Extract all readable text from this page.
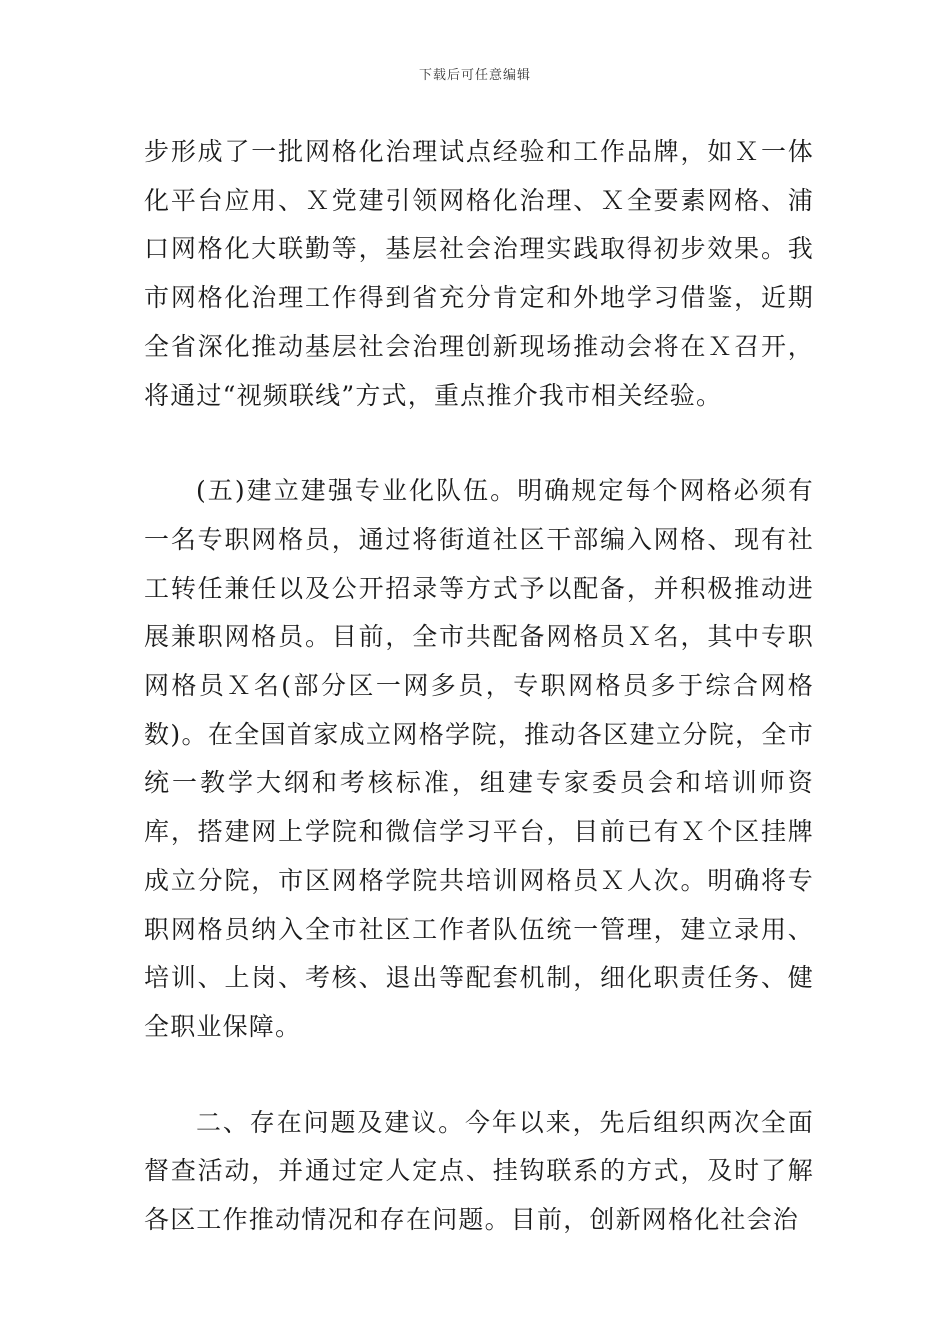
下载后可任意编辑

步形成了一批网格化治理试点经验和工作品牌，如Ｘ一体化平台应用、Ｘ党建引领网格化治理、Ｘ全要素网格、浦口网格化大联勤等，基层社会治理实践取得初步效果。我市网格化治理工作得到省充分肯定和外地学习借鉴，近期全省深化推动基层社会治理创新现场推动会将在Ｘ召开，将通过“视频联线”方式，重点推介我市相关经验。

(五)建立建强专业化队伍。明确规定每个网格必须有一名专职网格员，通过将街道社区干部编入网格、现有社工转任兼任以及公开招录等方式予以配备，并积极推动进展兼职网格员。目前，全市共配备网格员Ｘ名，其中专职网格员Ｘ名(部分区一网多员，专职网格员多于综合网格数)。在全国首家成立网格学院，推动各区建立分院，全市统一教学大纲和考核标准，组建专家委员会和培训师资库，搭建网上学院和微信学习平台，目前已有Ｘ个区挂牌成立分院，市区网格学院共培训网格员Ｘ人次。明确将专职网格员纳入全市社区工作者队伍统一管理，建立录用、培训、上岗、考核、退出等配套机制，细化职责任务、健全职业保障。

二、存在问题及建议。今年以来，先后组织两次全面督查活动，并通过定人定点、挂钩联系的方式，及时了解各区工作推动情况和存在问题。目前，创新网格化社会治
